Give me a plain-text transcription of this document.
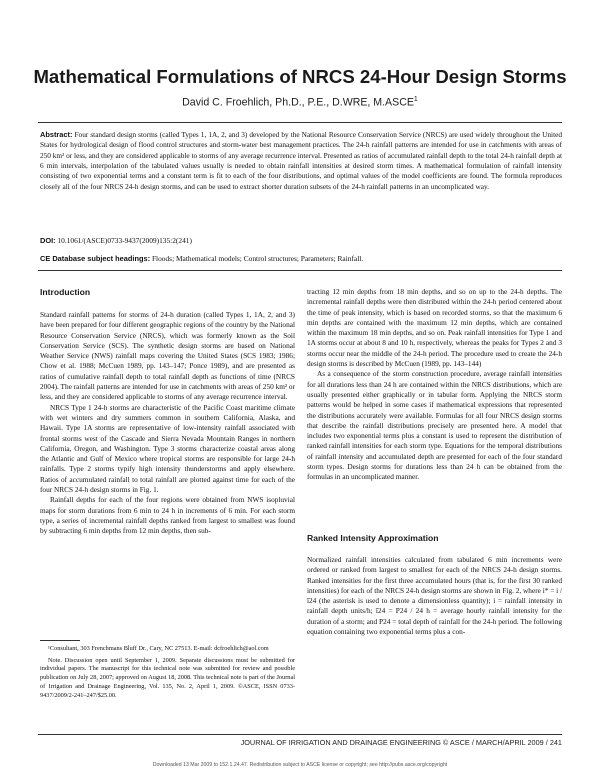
Mathematical Formulations of NRCS 24-Hour Design Storms
David C. Froehlich, Ph.D., P.E., D.WRE, M.ASCE$^1$
Abstract: Four standard design storms (called Types 1, 1A, 2, and 3) developed by the National Resource Conservation Service (NRCS) are used widely throughout the United States for hydrological design of flood control structures and storm-water best management practices. The 24-h rainfall patterns are intended for use in catchments with areas of 250 km² or less, and they are considered applicable to storms of any average recurrence interval. Presented as ratios of accumulated rainfall depth to the total 24-h rainfall depth at 6 min intervals, interpolation of the tabulated values usually is needed to obtain rainfall intensities at desired storm times. A mathematical formulation of rainfall intensity consisting of two exponential terms and a constant term is fit to each of the four distributions, and optimal values of the model coefficients are found. The formula reproduces closely all of the four NRCS 24-h design storms, and can be used to extract shorter duration subsets of the 24-h rainfall patterns in an uncomplicated way.
DOI: 10.1061/(ASCE)0733-9437(2009)135:2(241)
CE Database subject headings: Floods; Mathematical models; Control structures; Parameters; Rainfall.
Introduction

Standard rainfall patterns for storms of 24-h duration (called Types 1, 1A, 2, and 3) have been prepared for four different geographic regions of the country by the National Resource Conservation Service (NRCS), which was formerly known as the Soil Conservation Service (SCS). The synthetic design storms are based on National Weather Service (NWS) rainfall maps covering the United States (SCS 1983; 1986; Chow et al. 1988; McCuen 1989, pp. 143–147; Ponce 1989), and are presented as ratios of cumulative rainfall depth to total rainfall depth as functions of time (NRCS 2004). The rainfall patterns are intended for use in catchments with areas of 250 km² or less, and they are considered applicable to storms of any average recurrence interval.

NRCS Type 1 24-h storms are characteristic of the Pacific Coast maritime climate with wet winters and dry summers common in southern California, Alaska, and Hawaii. Type 1A storms are representative of low-intensity rainfall associated with frontal storms west of the Cascade and Sierra Nevada Mountain Ranges in northern California, Oregon, and Washington. Type 3 storms characterize coastal areas along the Atlantic and Gulf of Mexico where tropical storms are responsible for large 24-h rainfalls. Type 2 storms typify high intensity thunderstorms and apply elsewhere. Ratios of accumulated rainfall to total rainfall are plotted against time for each of the four NRCS 24-h design storms in Fig. 1.

Rainfall depths for each of the four regions were obtained from NWS isopluvial maps for storm durations from 6 min to 24 h in increments of 6 min. For each storm type, a series of incremental rainfall depths ranked from largest to smallest was found by subtracting 6 min depths from 12 min depths, then sub-

¹Consultant, 303 Frenchmans Bluff Dr., Cary, NC 27513. E-mail: dcfroehlich@aol.com

Note. Discussion open until September 1, 2009. Separate discussions must be submitted for individual papers. The manuscript for this technical note was submitted for review and possible publication on July 28, 2007; approved on August 18, 2008. This technical note is part of the Journal of Irrigation and Drainage Engineering, Vol. 135, No. 2, April 1, 2009. ©ASCE, ISSN 0733-9437/2009/2-241–247/$25.00.

tracting 12 min depths from 18 min depths, and so on up to the 24-h depths. The incremental rainfall depths were then distributed within the 24-h period centered about the time of peak intensity, which is based on recorded storms, so that the maximum 6 min depths are contained with the maximum 12 min depths, which are contained within the maximum 18 min depths, and so on. Peak rainfall intensities for Type 1 and 1A storms occur at about 8 and 10 h, respectively, whereas the peaks for Types 2 and 3 storms occur near the middle of the 24-h period. The procedure used to create the 24-h design storms is described by McCuen (1989, pp. 143–144)

As a consequence of the storm construction procedure, average rainfall intensities for all durations less than 24 h are contained within the NRCS distributions, which are usually presented either graphically or in tabular form. Applying the NRCS storm patterns would be helped in some cases if mathematical expressions that represented the distributions accurately were available. Formulas for all four NRCS design storms that describe the rainfall distributions precisely are presented here. A model that includes two exponential terms plus a constant is used to represent the distribution of ranked rainfall intensities for each storm type. Equations for the temporal distributions of rainfall intensity and accumulated depth are presented for each of the four standard storm types. Design storms for durations less than 24 h can be obtained from the formulas in an uncomplicated manner.

Ranked Intensity Approximation

Normalized rainfall intensities calculated from tabulated 6 min increments were ordered or ranked from largest to smallest for each of the NRCS 24-h design storms. Ranked intensities for the first three accumulated hours (that is, for the first 30 ranked intensities) for each of the NRCS 24-h design storms are shown in Fig. 2, where i* = i / ī24 (the asterisk is used to denote a dimensionless quantity); i = rainfall intensity in rainfall depth units/h; ī24 = P24 / 24 h = average hourly rainfall intensity for the duration of a storm; and P24 = total depth of rainfall for the 24-h period. The following equation containing two exponential terms plus a con-

JOURNAL OF IRRIGATION AND DRAINAGE ENGINEERING © ASCE / MARCH/APRIL 2009 / 241
Downloaded 13 Mar 2009 to 152.1.24.47. Redistribution subject to ASCE license or copyright; see http://pubs.asce.org/copyright
